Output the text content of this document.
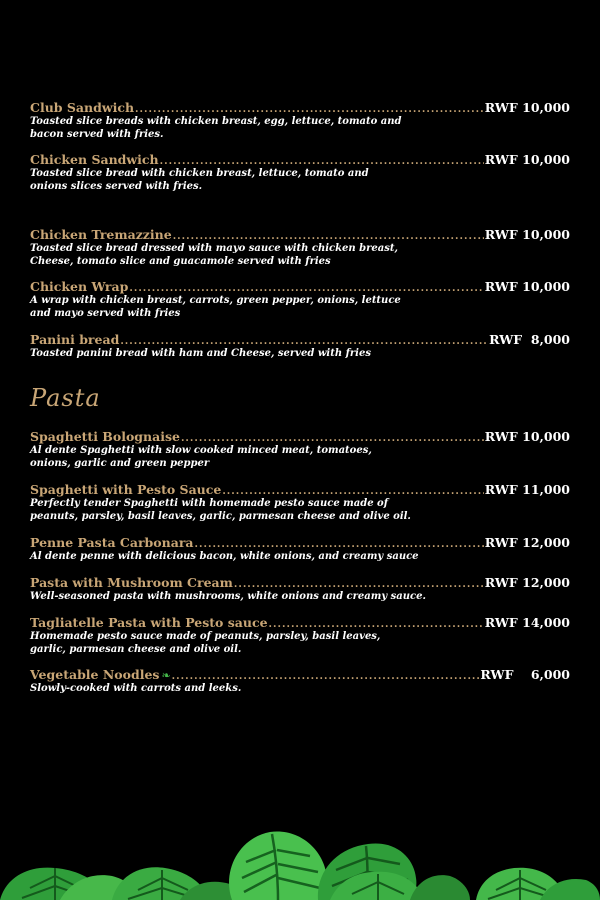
Club Sandwich .....	RWF 10,000
Toasted slice breads with chicken breast, egg, lettuce, tomato and
bacon served with fries.
Chicken Sandwich .....	RWF 10,000
Toasted slice bread with chicken breast, lettuce, tomato and
onions slices served with fries.
Chicken Tremazzine .....	RWF 10,000
Toasted slice bread dressed with mayo sauce with chicken breast,
Cheese, tomato slice and guacamole served with fries
Chicken Wrap .....	RWF 10,000
A wrap with chicken breast, carrots, green pepper, onions, lettuce
and mayo served with fries
Panini bread .....	RWF  8,000
Toasted panini bread with ham and Cheese, served with fries
Pasta
Spaghetti Bolognaise .....	RWF 10,000
Al dente Spaghetti with slow cooked minced meat, tomatoes,
onions, garlic and green pepper
Spaghetti with Pesto Sauce .....	RWF 11,000
Perfectly tender Spaghetti with homemade pesto sauce made of
peanuts, parsley, basil leaves, garlic, parmesan cheese and olive oil.
Penne Pasta Carbonara .....	RWF 12,000
Al dente penne with delicious bacon, white onions, and creamy sauce
Pasta with Mushroom Cream .....	RWF 12,000
Well-seasoned pasta with mushrooms, white onions and creamy sauce.
Tagliatelle Pasta with Pesto sauce .....	RWF 14,000
Homemade pesto sauce made of peanuts, parsley, basil leaves,
garlic, parmesan cheese and olive oil.
Vegetable Noodles ❧ .....	RWF    6,000
Slowly-cooked with carrots and leeks.
